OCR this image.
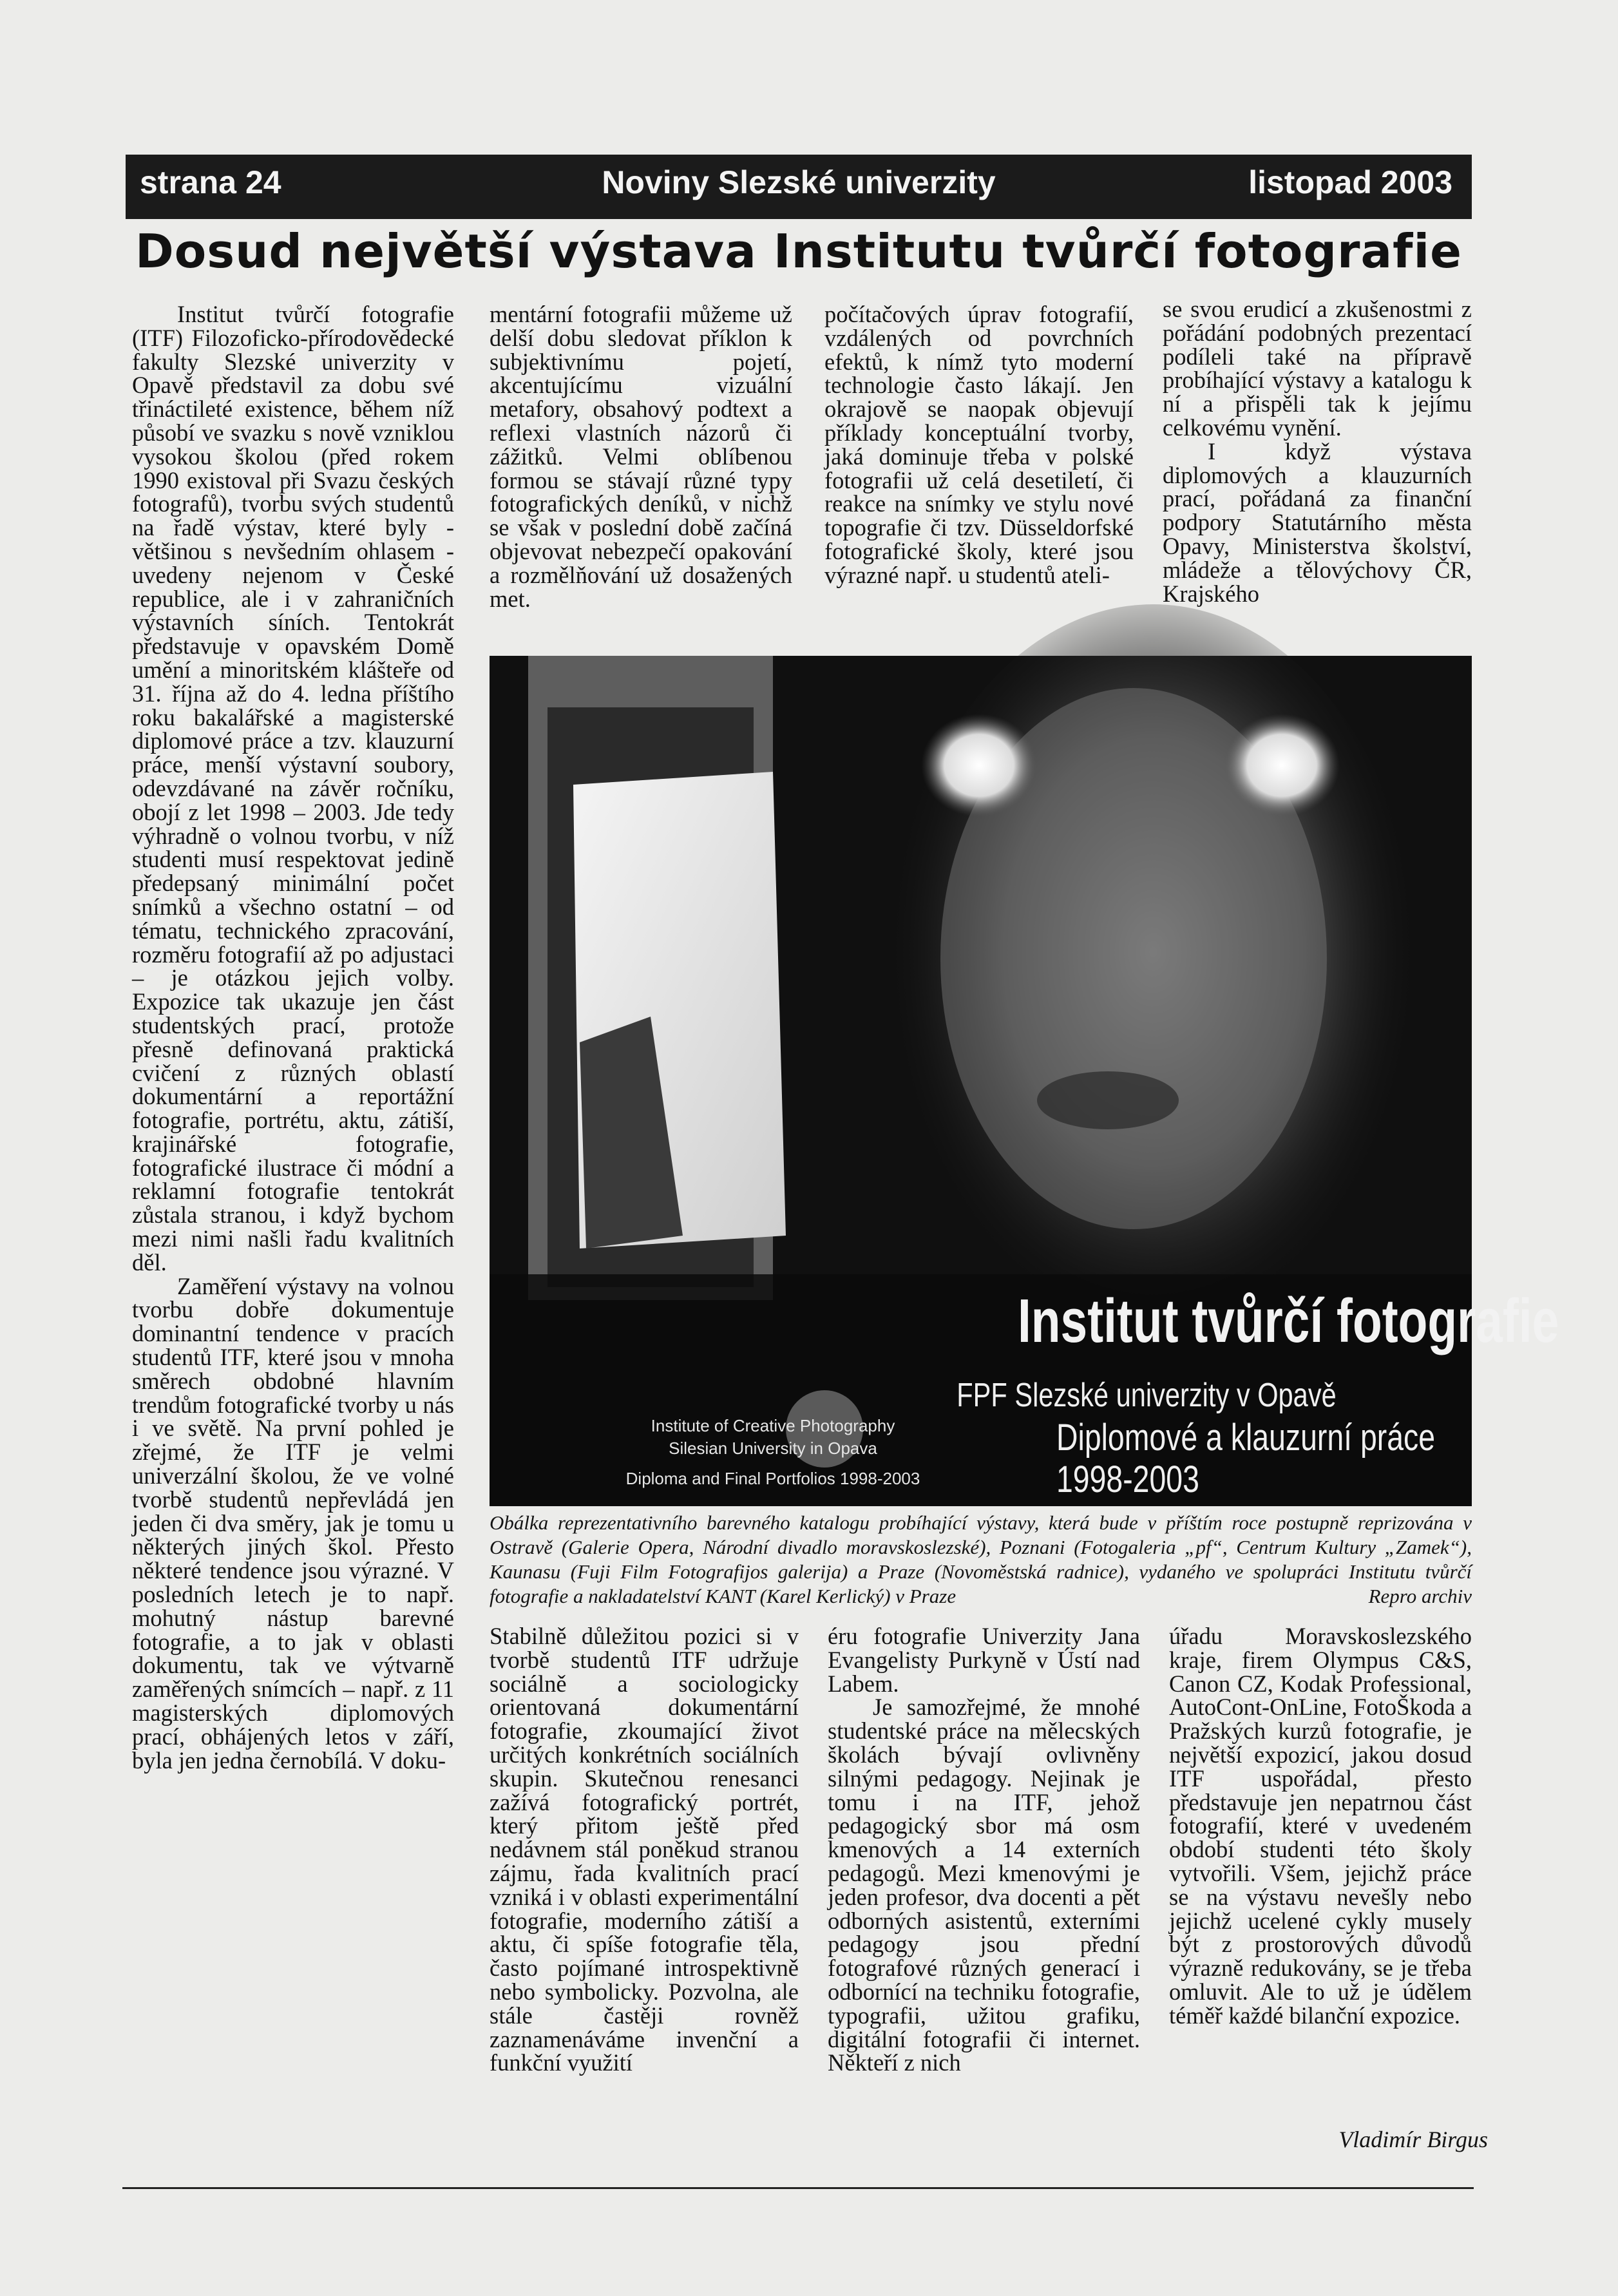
strana 24	Noviny Slezské univerzity	listopad 2003
Dosud největší výstava Institutu tvůrčí fotografie

Institut tvůrčí fotografie (ITF) Filozoficko-přírodovědecké fakulty Slezské univerzity v Opavě představil za dobu své třináctileté existence, během níž působí ve svazku s nově vzniklou vysokou školou (před rokem 1990 existoval při Svazu českých fotografů), tvorbu svých studentů na řadě výstav, které byly - většinou s nevšedním ohlasem - uvedeny nejenom v České republice, ale i v zahraničních výstavních síních. Tentokrát představuje v opavském Domě umění a minoritském klášteře od 31. října až do 4. ledna příštího roku bakalářské a magisterské diplomové práce a tzv. klauzurní práce, menší výstavní soubory, odevzdávané na závěr ročníku, obojí z let 1998 – 2003. Jde tedy výhradně o volnou tvorbu, v níž studenti musí respektovat jedině předepsaný minimální počet snímků a všechno ostatní – od tématu, technického zpracování, rozměru fotografií až po adjustaci – je otázkou jejich volby. Expozice tak ukazuje jen část studentských prací, protože přesně definovaná praktická cvičení z různých oblastí dokumentární a reportážní fotografie, portrétu, aktu, zátiší, krajinářské fotografie, fotografické ilustrace či módní a reklamní fotografie tentokrát zůstala stranou, i když bychom mezi nimi našli řadu kvalitních děl.

Zaměření výstavy na volnou tvorbu dobře dokumentuje dominantní tendence v pracích studentů ITF, které jsou v mnoha směrech obdobné hlavním trendům fotografické tvorby u nás i ve světě. Na první pohled je zřejmé, že ITF je velmi univerzální školou, že ve volné tvorbě studentů nepřevládá jen jeden či dva směry, jak je tomu u některých jiných škol. Přesto některé tendence jsou výrazné. V posledních letech je to např. mohutný nástup barevné fotografie, a to jak v oblasti dokumentu, tak ve výtvarně zaměřených snímcích – např. z 11 magisterských diplomových prací, obhájených letos v září, byla jen jedna černobílá. V doku-

mentární fotografii můžeme už delší dobu sledovat příklon k subjektivnímu pojetí, akcentujícímu vizuální metafory, obsahový podtext a reflexi vlastních názorů či zážitků. Velmi oblíbenou formou se stávají různé typy fotografických deníků, v nichž se však v poslední době začíná objevovat nebezpečí opakování a rozmělňování už dosažených met.

počítačových úprav fotografií, vzdálených od povrchních efektů, k nímž tyto moderní technologie často lákají. Jen okrajově se naopak objevují příklady konceptuální tvorby, jaká dominuje třeba v polské fotografii už celá desetiletí, či reakce na snímky ve stylu nové topografie či tzv. Düsseldorfské fotografické školy, které jsou výrazné např. u studentů ateli-

se svou erudicí a zkušenostmi z pořádání podobných prezentací podíleli také na přípravě probíhající výstavy a katalogu k ní a přispěli tak k jejímu celkovému vynění.

I když výstava diplomových a klauzurních prací, pořádaná za finanční podpory Statutárního města Opavy, Ministerstva školství, mládeže a tělovýchovy ČR, Krajského

Institut tvůrčí fotografie
FPF Slezské univerzity v Opavě
Institute of Creative Photography
Silesian University in Opava
Diploma and Final Portfolios 1998-2003
Diplomové a klauzurní práce
1998-2003
Obálka reprezentativního barevného katalogu probíhající výstavy, která bude v příštím roce postupně reprizována v Ostravě (Galerie Opera, Národní divadlo moravskoslezské), Poznani (Fotogaleria „pf“, Centrum Kultury „Zamek“), Kaunasu (Fuji Film Fotografijos galerija) a Praze (Novoměstská radnice), vydaného ve spolupráci Institutu tvůrčí fotografie a nakladatelství KANT (Karel Kerlický) v Praze	Repro archiv

Stabilně důležitou pozici si v tvorbě studentů ITF udržuje sociálně a sociologicky orientovaná dokumentární fotografie, zkoumající život určitých konkrétních sociálních skupin. Skutečnou renesanci zažívá fotografický portrét, který přitom ještě před nedávnem stál poněkud stranou zájmu, řada kvalitních prací vzniká i v oblasti experimentální fotografie, moderního zátiší a aktu, či spíše fotografie těla, často pojímané introspektivně nebo symbolicky. Pozvolna, ale stále častěji rovněž zaznamenáváme invenční a funkční využití

éru fotografie Univerzity Jana Evangelisty Purkyně v Ústí nad Labem.

Je samozřejmé, že mnohé studentské práce na mělecských školách bývají ovlivněny silnými pedagogy. Nejinak je tomu i na ITF, jehož pedagogický sbor má osm kmenových a 14 externích pedagogů. Mezi kmenovými je jeden profesor, dva docenti a pět odborných asistentů, externími pedagogy jsou přední fotografové různých generací i odbornící na techniku fotografie, typografii, užitou grafiku, digitální fotografii či internet. Někteří z nich

úřadu Moravskoslezského kraje, firem Olympus C&S, Canon CZ, Kodak Professional, AutoCont-OnLine, FotoŠkoda a Pražských kurzů fotografie, je největší expozicí, jakou dosud ITF uspořádal, přesto představuje jen nepatrnou část fotografií, které v uvedeném období studenti této školy vytvořili. Všem, jejichž práce se na výstavu nevešly nebo jejichž ucelené cykly musely být z prostorových důvodů výrazně redukovány, se je třeba omluvit. Ale to už je údělem téměř každé bilanční expozice.

Vladimír Birgus
